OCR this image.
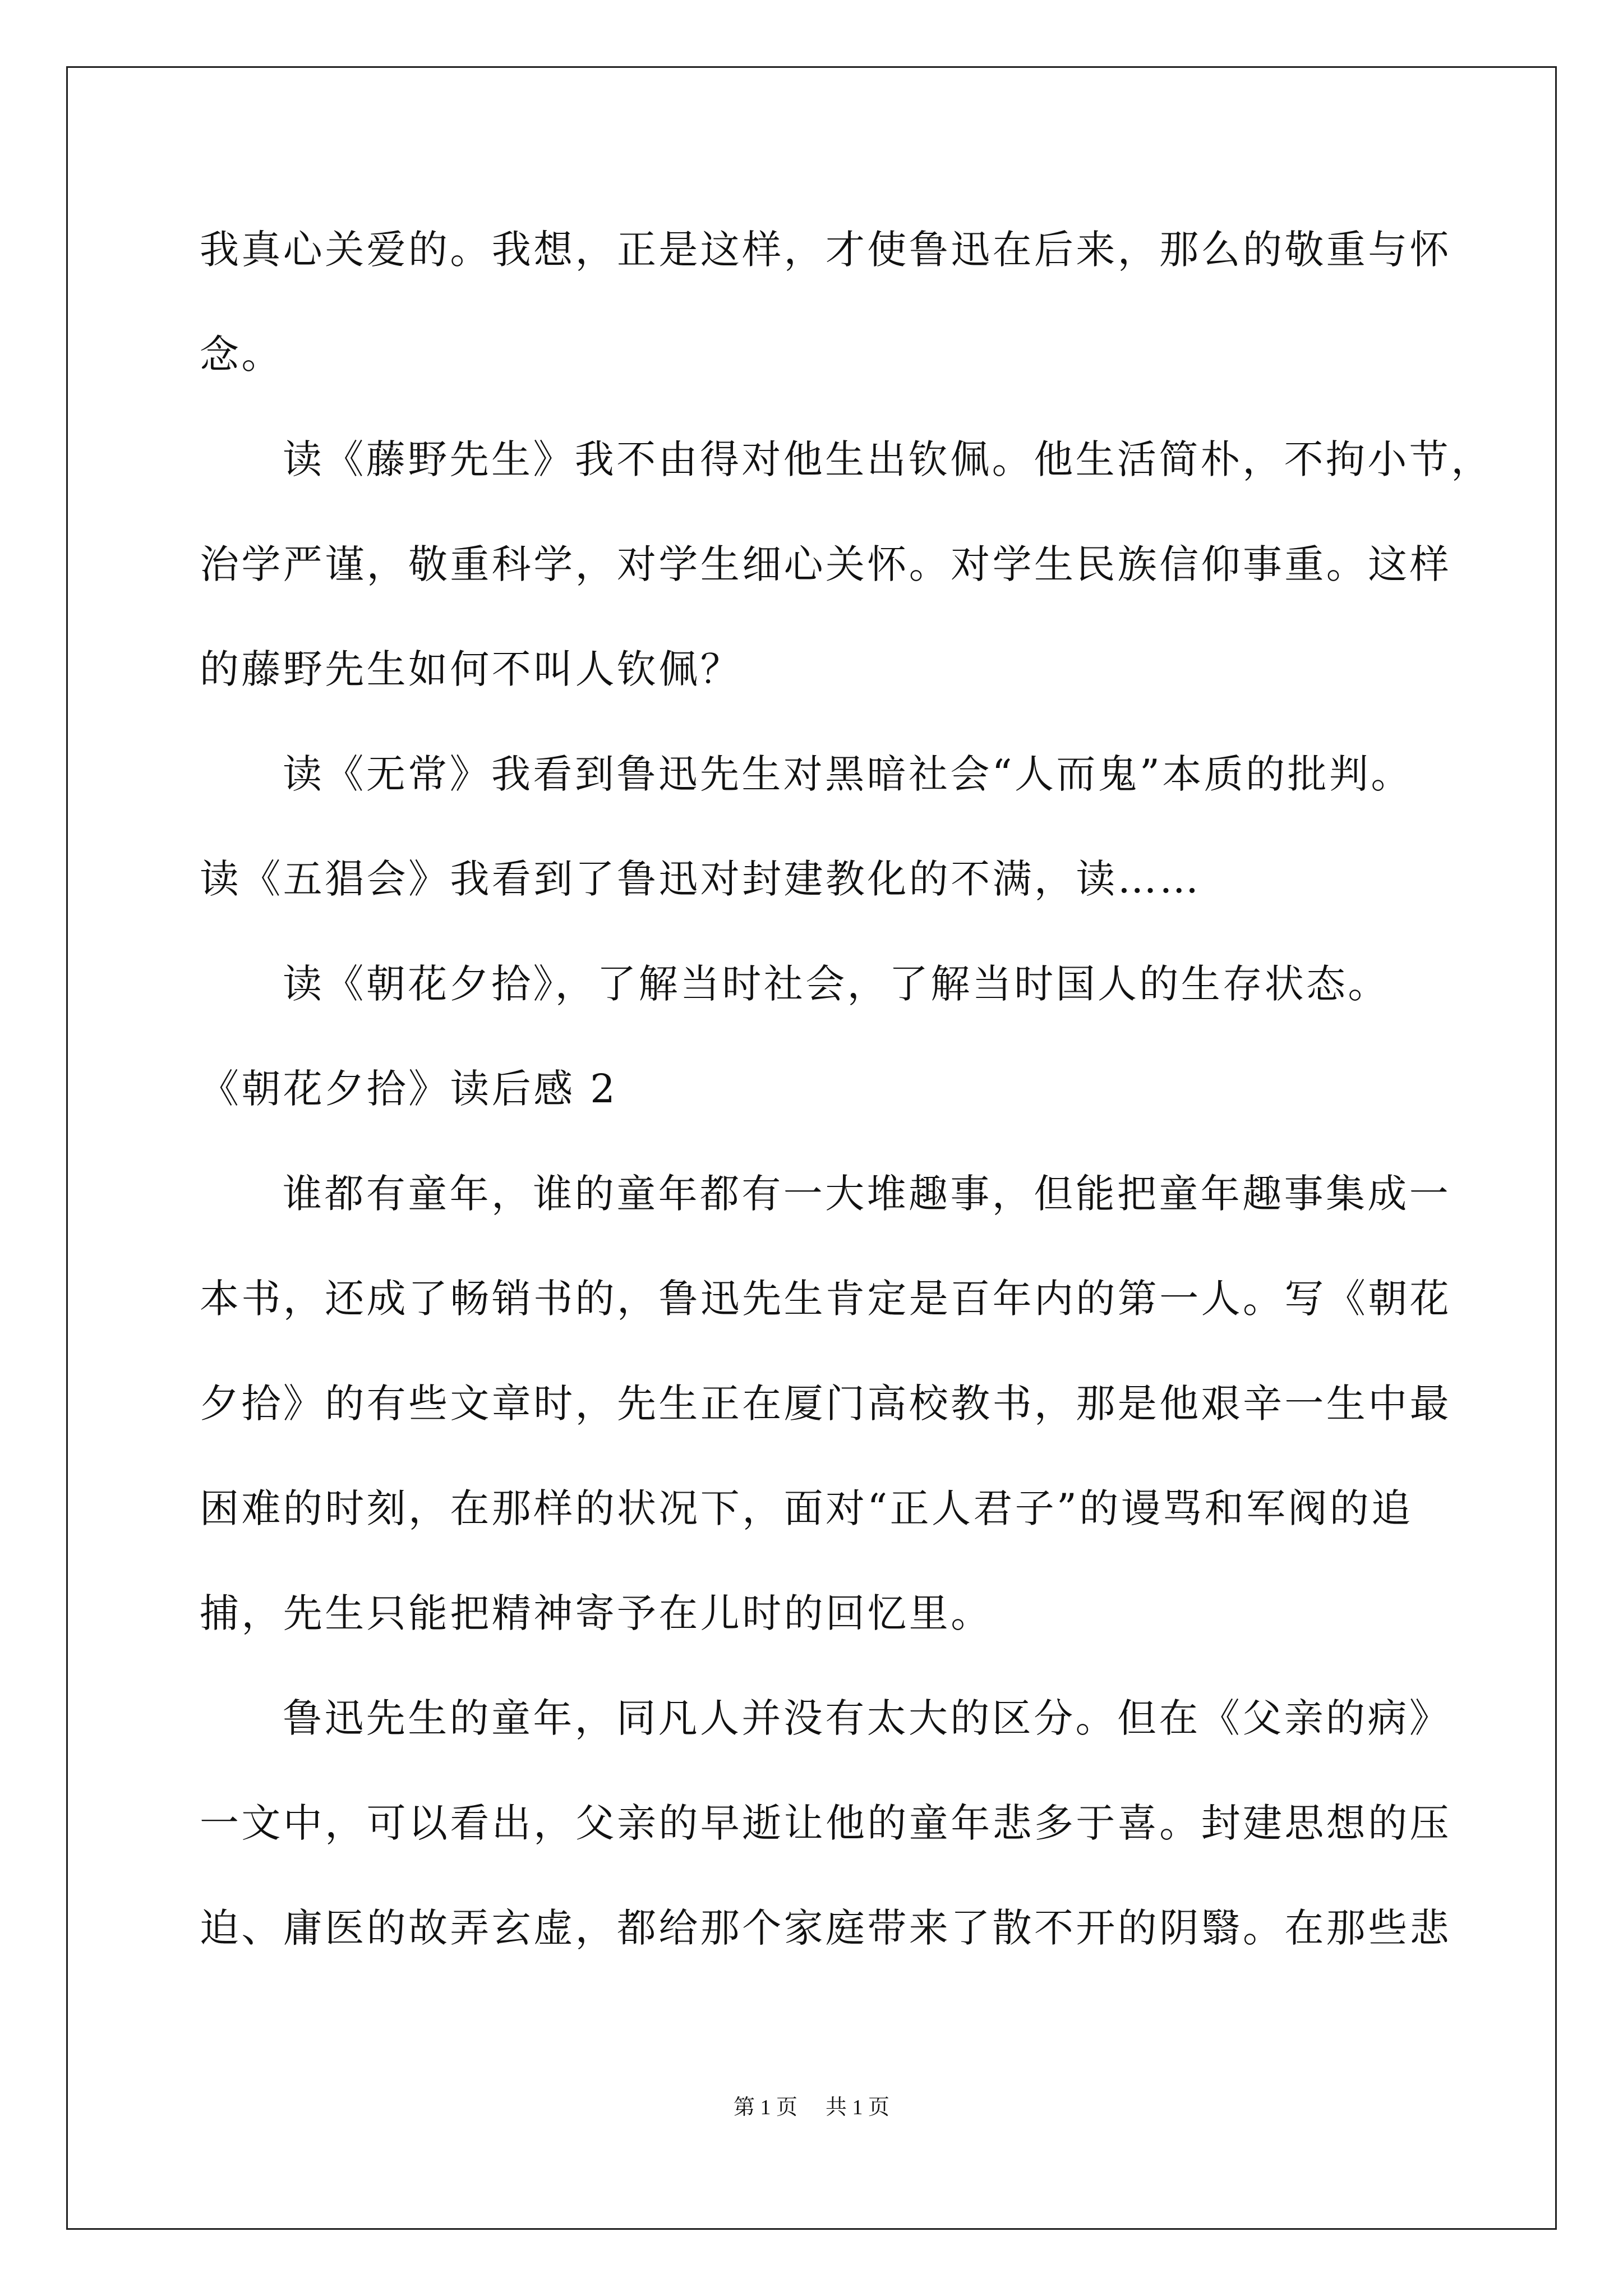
我真心关爱的。我想，正是这样，才使鲁迅在后来，那么的敬重与怀
念。
读《藤野先生》我不由得对他生出钦佩。他生活简朴，不拘小节，
治学严谨，敬重科学，对学生细心关怀。对学生民族信仰事重。这样
的藤野先生如何不叫人钦佩？
读《无常》我看到鲁迅先生对黑暗社会“人而鬼”本质的批判。
读《五猖会》我看到了鲁迅对封建教化的不满，读……
读《朝花夕拾》，了解当时社会，了解当时国人的生存状态。
《朝花夕拾》读后感 2
谁都有童年，谁的童年都有一大堆趣事，但能把童年趣事集成一
本书，还成了畅销书的，鲁迅先生肯定是百年内的第一人。写《朝花
夕拾》的有些文章时，先生正在厦门高校教书，那是他艰辛一生中最
困难的时刻，在那样的状况下，面对“正人君子”的谩骂和军阀的追
捕，先生只能把精神寄予在儿时的回忆里。
鲁迅先生的童年，同凡人并没有太大的区分。但在《父亲的病》
一文中，可以看出，父亲的早逝让他的童年悲多于喜。封建思想的压
迫、庸医的故弄玄虚，都给那个家庭带来了散不开的阴翳。在那些悲
第 1 页 共 1 页
